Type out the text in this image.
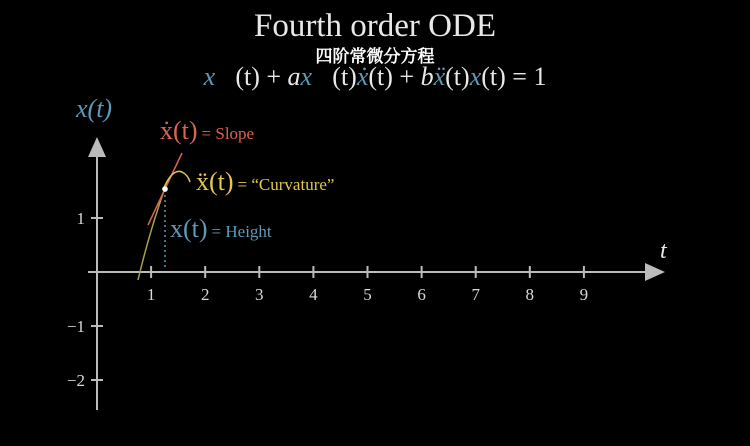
Fourth order ODE
四阶常微分方程
x⃜(t) + ax⃛(t)ẋ(t) + bẍ(t)x(t) = 1
1	2	3	4	5	6	7	8	9
1
−1
−2
x(t)
t
ẋ(t) = Slope
ẍ(t) = “Curvature”
x(t) = Height
